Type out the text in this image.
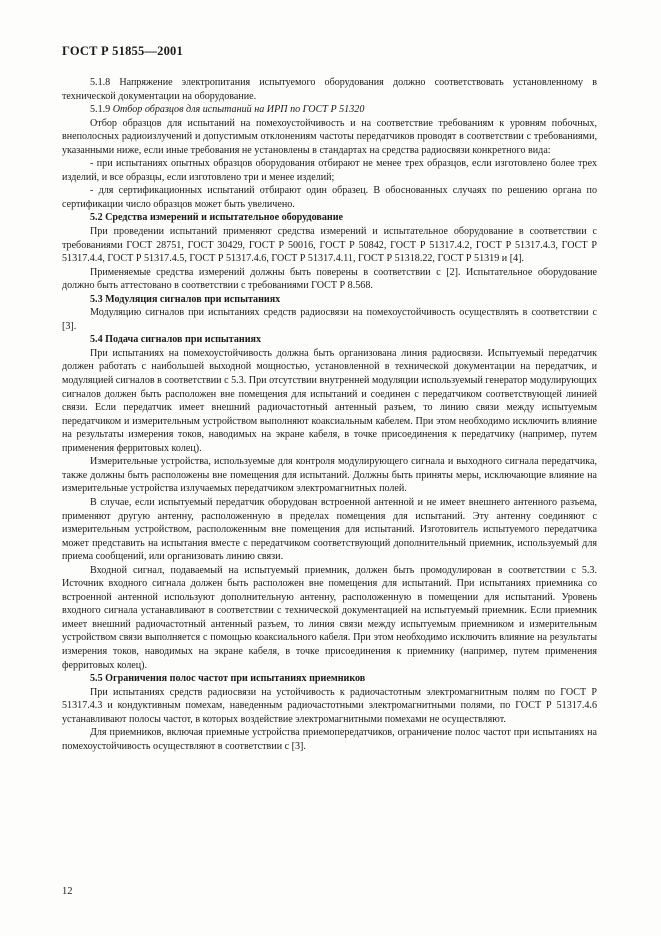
ГОСТ Р 51855—2001

5.1.8 Напряжение электропитания испытуемого оборудования должно соответствовать установленному в технической документации на оборудование.

5.1.9 Отбор образцов для испытаний на ИРП по ГОСТ Р 51320

Отбор образцов для испытаний на помехоустойчивость и на соответствие требованиям к уровням побочных, внеполосных радиоизлучений и допустимым отклонениям частоты передатчиков проводят в соответствии с требованиями, указанными ниже, если иные требования не установлены в стандартах на средства радиосвязи конкретного вида:

- при испытаниях опытных образцов оборудования отбирают не менее трех образцов, если изготовлено более трех изделий, и все образцы, если изготовлено три и менее изделий;

- для сертификационных испытаний отбирают один образец. В обоснованных случаях по решению органа по сертификации число образцов может быть увеличено.

5.2 Средства измерений и испытательное оборудование

При проведении испытаний применяют средства измерений и испытательное оборудование в соответствии с требованиями ГОСТ 28751, ГОСТ 30429, ГОСТ Р 50016, ГОСТ Р 50842, ГОСТ Р 51317.4.2, ГОСТ Р 51317.4.3, ГОСТ Р 51317.4.4, ГОСТ Р 51317.4.5, ГОСТ Р 51317.4.6, ГОСТ Р 51317.4.11, ГОСТ Р 51318.22, ГОСТ Р 51319 и [4].

Применяемые средства измерений должны быть поверены в соответствии с [2]. Испытательное оборудование должно быть аттестовано в соответствии с требованиями ГОСТ Р 8.568.

5.3 Модуляция сигналов при испытаниях

Модуляцию сигналов при испытаниях средств радиосвязи на помехоустойчивость осуществлять в соответствии с [3].

5.4 Подача сигналов при испытаниях

При испытаниях на помехоустойчивость должна быть организована линия радиосвязи. Испытуемый передатчик должен работать с наибольшей выходной мощностью, установленной в технической документации на передатчик, и модуляцией сигналов в соответствии с 5.3. При отсутствии внутренней модуляции используемый генератор модулирующих сигналов должен быть расположен вне помещения для испытаний и соединен с передатчиком соответствующей линией связи. Если передатчик имеет внешний радиочастотный антенный разъем, то линию связи между испытуемым передатчиком и измерительным устройством выполняют коаксиальным кабелем. При этом необходимо исключить влияние на результаты измерения токов, наводимых на экране кабеля, в точке присоединения к передатчику (например, путем применения ферритовых колец).

Измерительные устройства, используемые для контроля модулирующего сигнала и выходного сигнала передатчика, также должны быть расположены вне помещения для испытаний. Должны быть приняты меры, исключающие влияние на измерительные устройства излучаемых передатчиком электромагнитных полей.

В случае, если испытуемый передатчик оборудован встроенной антенной и не имеет внешнего антенного разъема, применяют другую антенну, расположенную в пределах помещения для испытаний. Эту антенну соединяют с измерительным устройством, расположенным вне помещения для испытаний. Изготовитель испытуемого передатчика может представить на испытания вместе с передатчиком соответствующий дополнительный приемник, используемый для приема сообщений, или организовать линию связи.

Входной сигнал, подаваемый на испытуемый приемник, должен быть промодулирован в соответствии с 5.3. Источник входного сигнала должен быть расположен вне помещения для испытаний. При испытаниях приемника со встроенной антенной используют дополнительную антенну, расположенную в помещении для испытаний. Уровень входного сигнала устанавливают в соответствии с технической документацией на испытуемый приемник. Если приемник имеет внешний радиочастотный антенный разъем, то линия связи между испытуемым приемником и измерительным устройством связи выполняется с помощью коаксиального кабеля. При этом необходимо исключить влияние на результаты измерения токов, наводимых на экране кабеля, в точке присоединения к приемнику (например, путем применения ферритовых колец).

5.5 Ограничения полос частот при испытаниях приемников

При испытаниях средств радиосвязи на устойчивость к радиочастотным электромагнитным полям по ГОСТ Р 51317.4.3 и кондуктивным помехам, наведенным радиочастотными электромагнитными полями, по ГОСТ Р 51317.4.6 устанавливают полосы частот, в которых воздействие электромагнитными помехами не осуществляют.

Для приемников, включая приемные устройства приемопередатчиков, ограничение полос частот при испытаниях на помехоустойчивость осуществляют в соответствии с [3].

12
